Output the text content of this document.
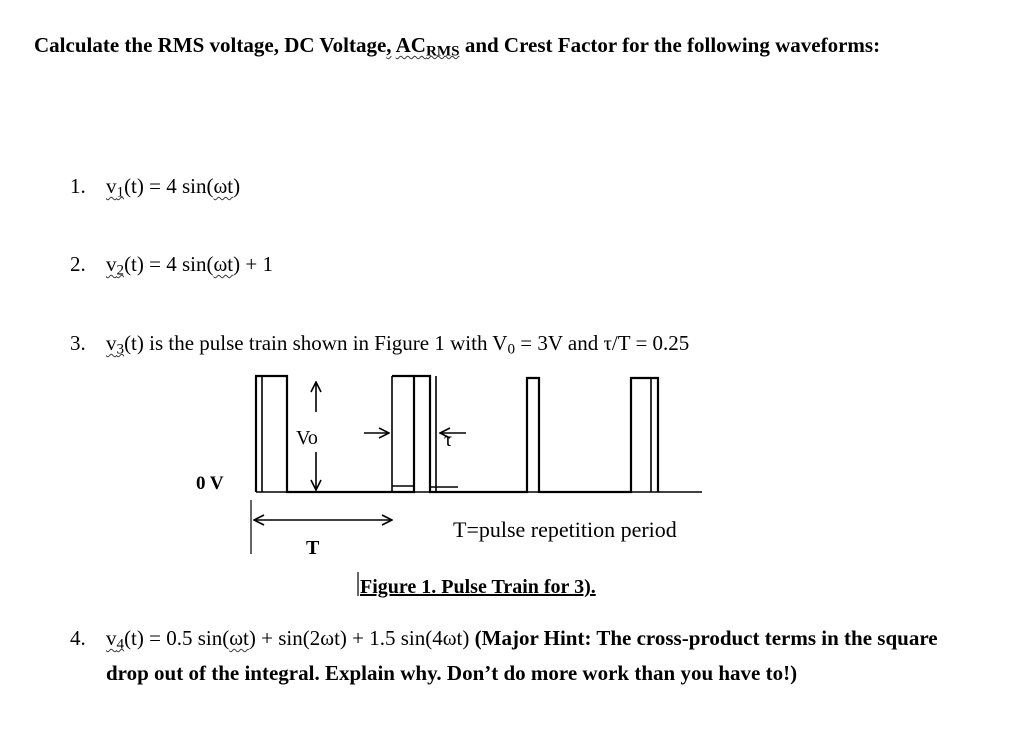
Calculate the RMS voltage, DC Voltage, $AC_{RMS}$ and Crest Factor for the following waveforms:
1. $v_1(t) = 4$ sin(ωt)
2. $v_2(t) = 4$ sin(ωt) + 1
3. $v_3(t)$ is the pulse train shown in Figure 1 with $V_0 = 3V$ and τ/T = 0.25
Vo	τ
0 V
T
T=pulse repetition period
Figure 1. Pulse Train for 3).
4. $v_4(t) = 0.5$ sin(ωt) + sin(2ωt) + 1.5 sin(4ωt) (Major Hint: The cross-product terms in the square drop out of the integral. Explain why. Don’t do more work than you have to!)
